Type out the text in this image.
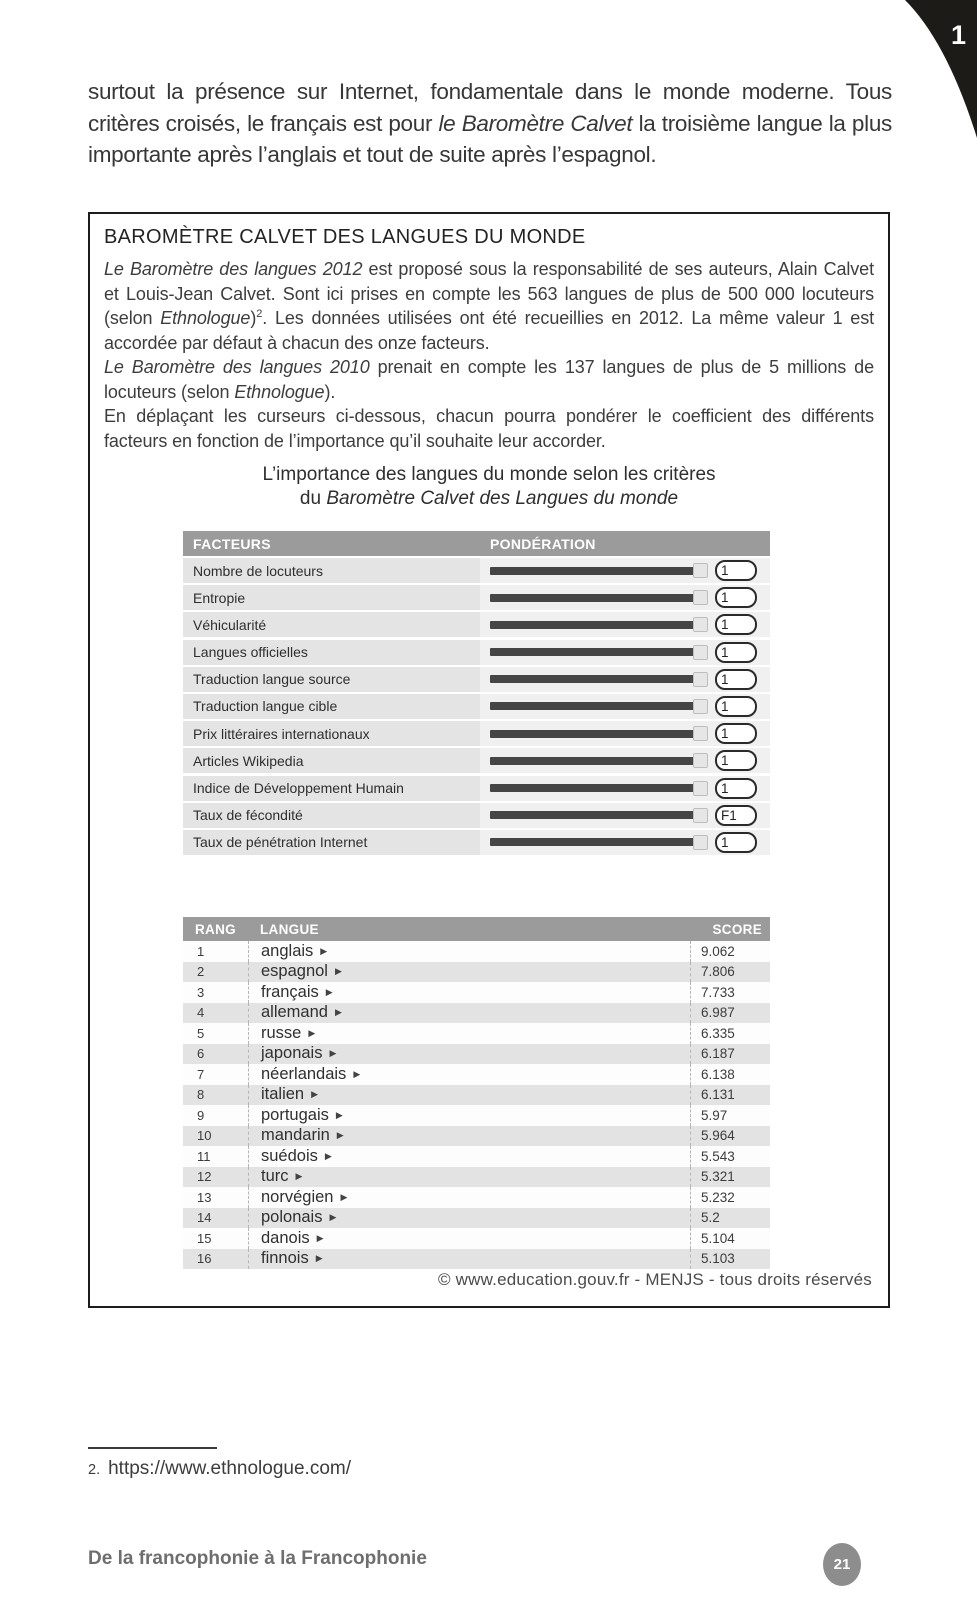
1

surtout la présence sur Internet, fondamentale dans le monde moderne. Tous critères croisés, le français est pour le Baromètre Calvet la troisième langue la plus importante après l’anglais et tout de suite après l’espagnol.

BAROMÈTRE CALVET DES LANGUES DU MONDE

Le Baromètre des langues 2012 est proposé sous la responsabilité de ses auteurs, Alain Calvet et Louis-Jean Calvet. Sont ici prises en compte les 563 langues de plus de 500 000 locuteurs (selon Ethnologue)$^2$. Les données utilisées ont été recueillies en 2012. La même valeur 1 est accordée par défaut à chacun des onze facteurs.

Le Baromètre des langues 2010 prenait en compte les 137 langues de plus de 5 millions de locuteurs (selon Ethnologue).

En déplaçant les curseurs ci-dessous, chacun pourra pondérer le coefficient des différents facteurs en fonction de l’importance qu’il souhaite leur accorder.

L’importance des langues du monde selon les critères
du Baromètre Calvet des Langues du monde
FACTEURS	PONDÉRATION
Nombre de locuteurs	1
Entropie	1
Véhicularité	1
Langues officielles	1
Traduction langue source	1
Traduction langue cible	1
Prix littéraires internationaux	1
Articles Wikipedia	1
Indice de Développement Humain	1
Taux de fécondité	F1
Taux de pénétration Internet	1
RANG	LANGUE	SCORE
1	anglais ▶	9.062
2	espagnol ▶	7.806
3	français ▶	7.733
4	allemand ▶	6.987
5	russe ▶	6.335
6	japonais ▶	6.187
7	néerlandais ▶	6.138
8	italien ▶	6.131
9	portugais ▶	5.97
10	mandarin ▶	5.964
11	suédois ▶	5.543
12	turc ▶	5.321
13	norvégien ▶	5.232
14	polonais ▶	5.2
15	danois ▶	5.104
16	finnois ▶	5.103
© www.education.gouv.fr - MENJS - tous droits réservés
2. https://www.ethnologue.com/
De la francophonie à la Francophonie	21
